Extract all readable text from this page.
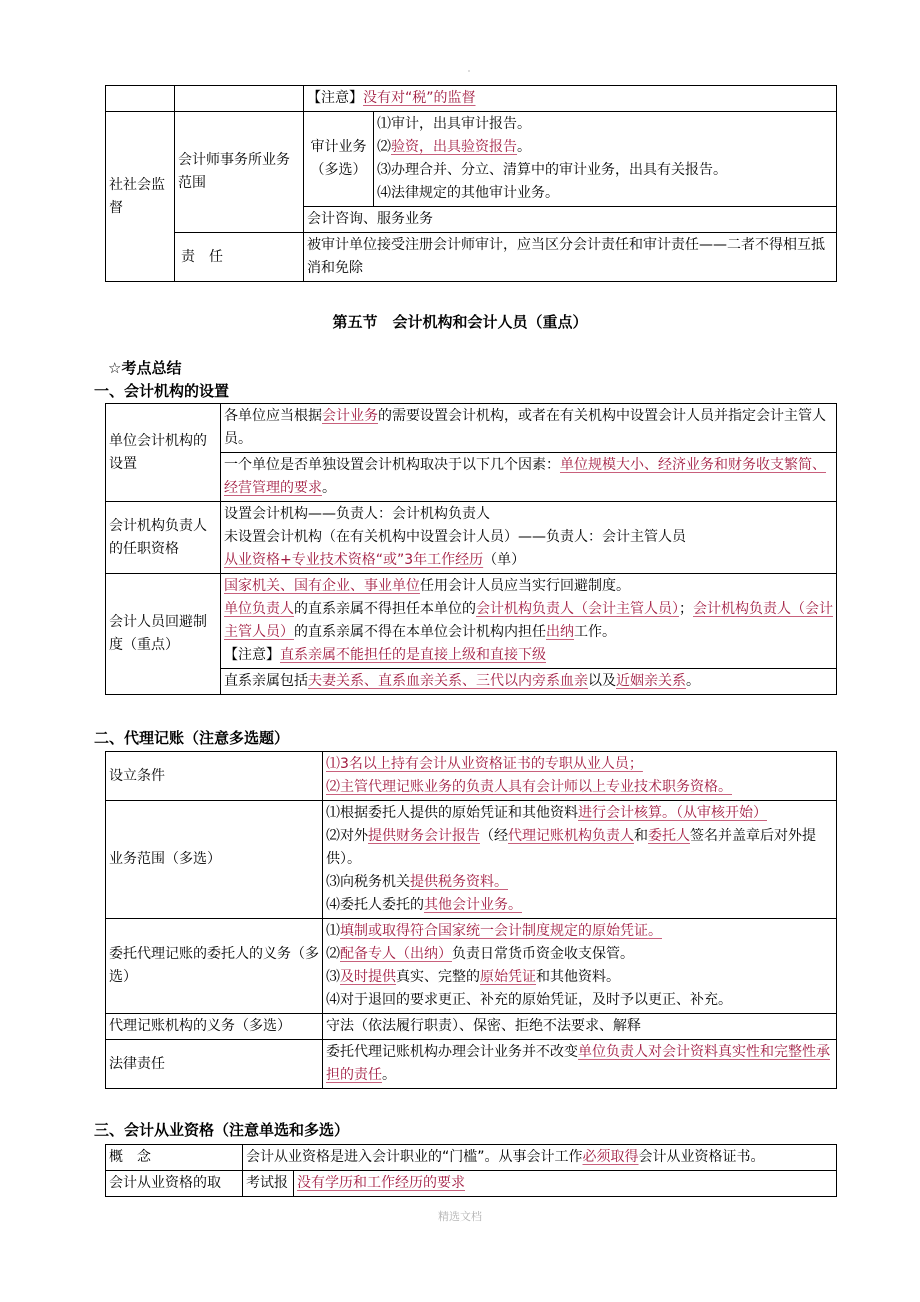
		【注意】没有对“税”的监督	
社社会监督	会计师事务所业务范围	审计业务（多选）	⑴审计，出具审计报告。
⑵验资，出具验资报告。
⑶办理合并、分立、清算中的审计业务，出具有关报告。
⑷法律规定的其他审计业务。

		会计咨询、服务业务	
	责　任	被审计单位接受注册会计师审计，应当区分会计责任和审计责任——二者不得相互抵消和免除	
第五节　会计机构和会计人员（重点）
☆考点总结
一、会计机构的设置
单位会计机构的设置	各单位应当根据会计业务的需要设置会计机构，或者在有关机构中设置会计人员并指定会计主管人员。
	一个单位是否单独设置会计机构取决于以下几个因素：单位规模大小、经济业务和财务收支繁简、经营管理的要求。
会计机构负责人的任职资格	设置会计机构——负责人：会计机构负责人
未设置会计机构（在有关机构中设置会计人员）——负责人：会计主管人员
从业资格+专业技术资格“或”3年工作经历（单）

会计人员回避制度（重点）	国家机关、国有企业、事业单位任用会计人员应当实行回避制度。
单位负责人的直系亲属不得担任本单位的会计机构负责人（会计主管人员）；会计机构负责人（会计主管人员）的直系亲属不得在本单位会计机构内担任出纳工作。
【注意】直系亲属不能担任的是直接上级和直接下级

	直系亲属包括夫妻关系、直系血亲关系、三代以内旁系血亲以及近姻亲关系。
二、代理记账（注意多选题）
设立条件	⑴3名以上持有会计从业资格证书的专职从业人员；
⑵主管代理记账业务的负责人具有会计师以上专业技术职务资格。

业务范围（多选）	⑴根据委托人提供的原始凭证和其他资料进行会计核算。（从审核开始）
⑵对外提供财务会计报告（经代理记账机构负责人和委托人签名并盖章后对外提供）。
⑶向税务机关提供税务资料。
⑷委托人委托的其他会计业务。

委托代理记账的委托人的义务（多选）	⑴填制或取得符合国家统一会计制度规定的原始凭证。
⑵配备专人（出纳）负责日常货币资金收支保管。
⑶及时提供真实、完整的原始凭证和其他资料。
⑷对于退回的要求更正、补充的原始凭证，及时予以更正、补充。

代理记账机构的义务（多选）	守法（依法履行职责）、保密、拒绝不法要求、解释
法律责任	委托代理记账机构办理会计业务并不改变单位负责人对会计资料真实性和完整性承担的责任。
三、会计从业资格（注意单选和多选）
概　念	会计从业资格是进入会计职业的“门槛”。从事会计工作必须取得会计从业资格证书。	
会计从业资格的取	考试报	没有学历和工作经历的要求
精选文档
